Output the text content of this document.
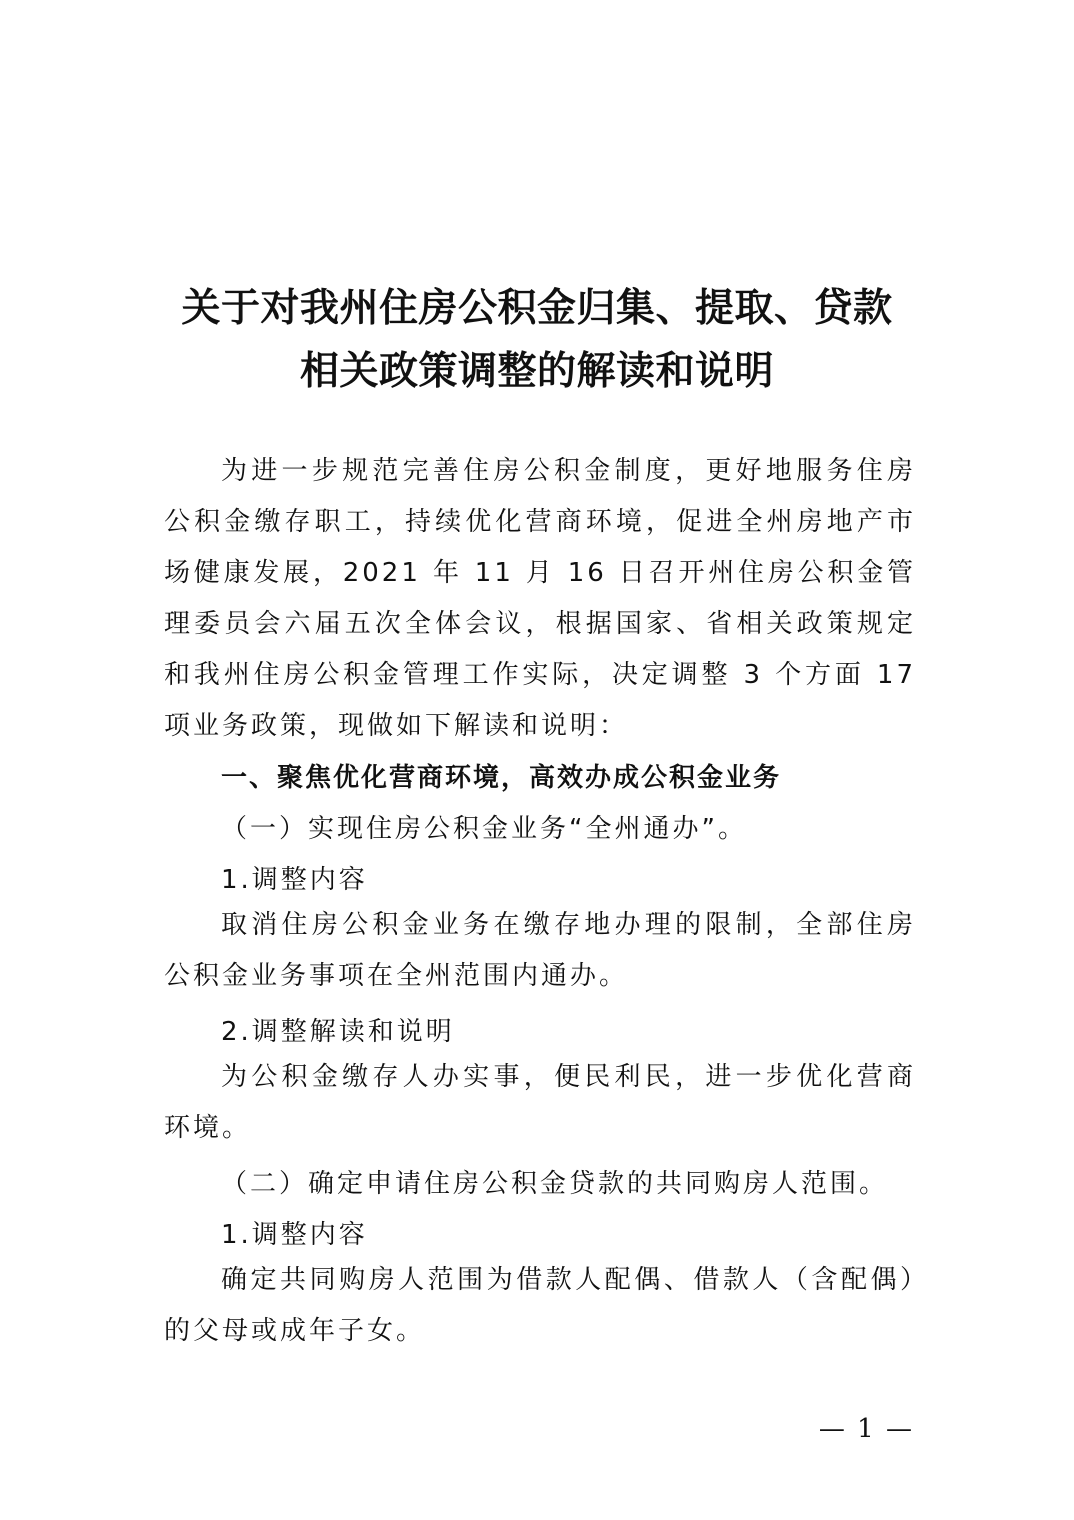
关于对我州住房公积金归集、提取、贷款
相关政策调整的解读和说明
为进一步规范完善住房公积金制度，更好地服务住房公积金缴存职工，持续优化营商环境，促进全州房地产市场健康发展，2021 年 11 月 16 日召开州住房公积金管理委员会六届五次全体会议，根据国家、省相关政策规定和我州住房公积金管理工作实际，决定调整 3 个方面 17 项业务政策，现做如下解读和说明：
一、聚焦优化营商环境，高效办成公积金业务
（一）实现住房公积金业务“全州通办”。
1.调整内容
取消住房公积金业务在缴存地办理的限制，全部住房公积金业务事项在全州范围内通办。
2.调整解读和说明
为公积金缴存人办实事，便民利民，进一步优化营商环境。
（二）确定申请住房公积金贷款的共同购房人范围。
1.调整内容
确定共同购房人范围为借款人配偶、借款人（含配偶）的父母或成年子女。
— 1 —
